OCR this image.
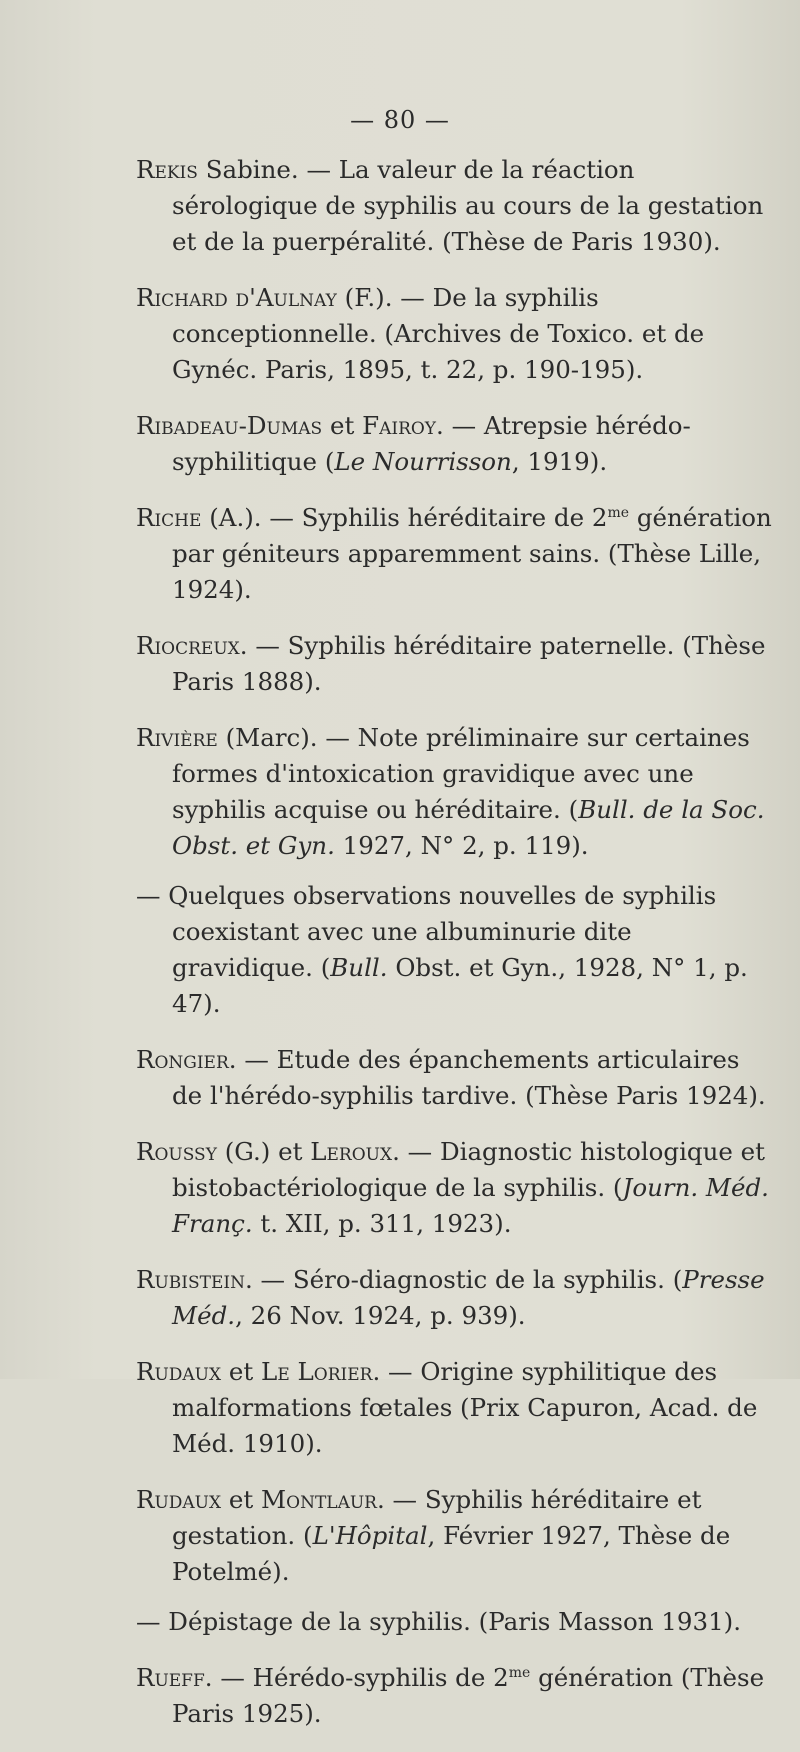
— 80 —

Rekis Sabine. — La valeur de la réaction sérologique de syphilis au cours de la gestation et de la puerpéralité. (Thèse de Paris 1930).

Richard d'Aulnay (F.). — De la syphilis conceptionnelle. (Archives de Toxico. et de Gynéc. Paris, 1895, t. 22, p. 190-195).

Ribadeau-Dumas et Fairoy. — Atrepsie hérédo-syphilitique (Le Nourrisson, 1919).

Riche (A.). — Syphilis héréditaire de $2^{me}$ génération par géniteurs apparemment sains. (Thèse Lille, 1924).

Riocreux. — Syphilis héréditaire paternelle. (Thèse Paris 1888).

Rivière (Marc). — Note préliminaire sur certaines formes d'intoxication gravidique avec une syphilis acquise ou héréditaire. (Bull. de la Soc. Obst. et Gyn. 1927, N° 2, p. 119).

— Quelques observations nouvelles de syphilis coexistant avec une albuminurie dite gravidique. (Bull. Obst. et Gyn., 1928, N° 1, p. 47).

Rongier. — Etude des épanchements articulaires de l'hérédo-syphilis tardive. (Thèse Paris 1924).

Roussy (G.) et Leroux. — Diagnostic histologique et bistobactériologique de la syphilis. (Journ. Méd. Franç. t. XII, p. 311, 1923).

Rubistein. — Séro-diagnostic de la syphilis. (Presse Méd., 26 Nov. 1924, p. 939).

Rudaux et Le Lorier. — Origine syphilitique des malformations fœtales (Prix Capuron, Acad. de Méd. 1910).

Rudaux et Montlaur. — Syphilis héréditaire et gestation. (L'Hôpital, Février 1927, Thèse de Potelmé).

— Dépistage de la syphilis. (Paris Masson 1931).

Rueff. — Hérédo-syphilis de $2^{me}$ génération (Thèse Paris 1925).
